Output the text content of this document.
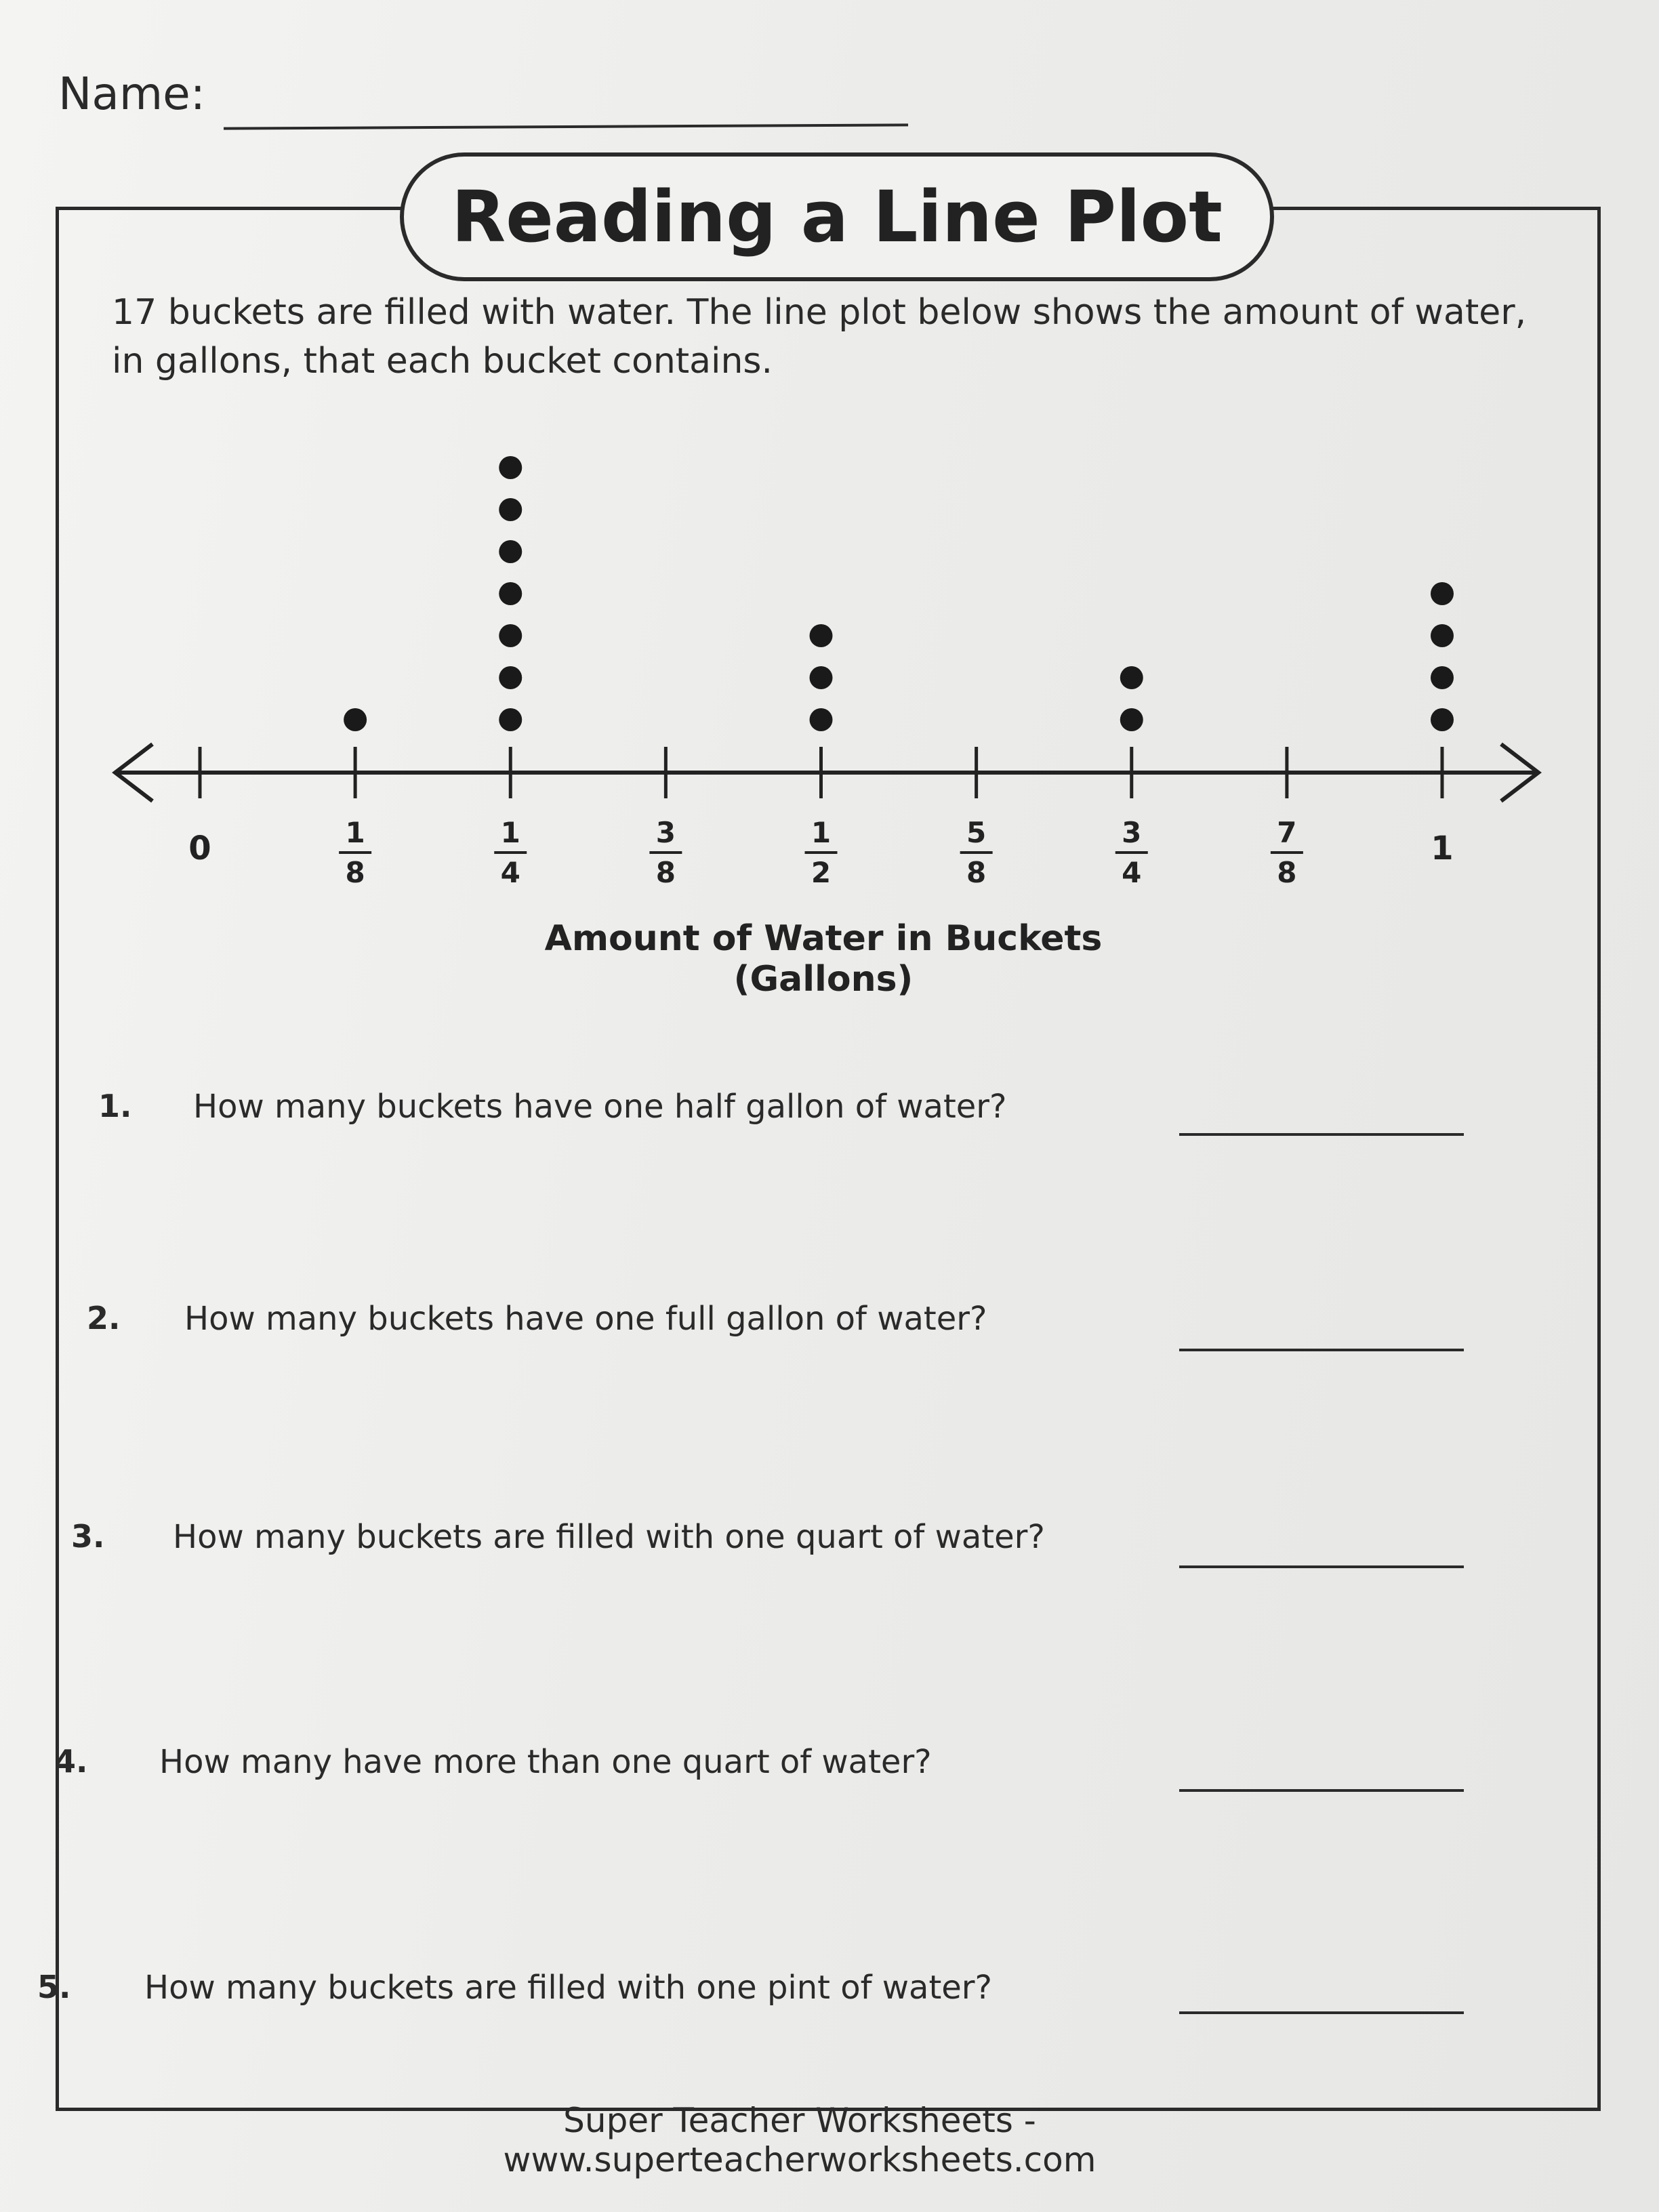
Name:
Reading a Line Plot
17 buckets are filled with water. The line plot below shows the amount of water,
in gallons, that each bucket contains.
0	1
8
1
4
3
8
1
2
5
8
3
4
7
8
1
Amount of Water in Buckets (Gallons)
1. How many buckets have one half gallon of water?
2. How many buckets have one full gallon of water?
3. How many buckets are filled with one quart of water?
4. How many have more than one quart of water?
5. How many buckets are filled with one pint of water?
Super Teacher Worksheets - www.superteacherworksheets.com
